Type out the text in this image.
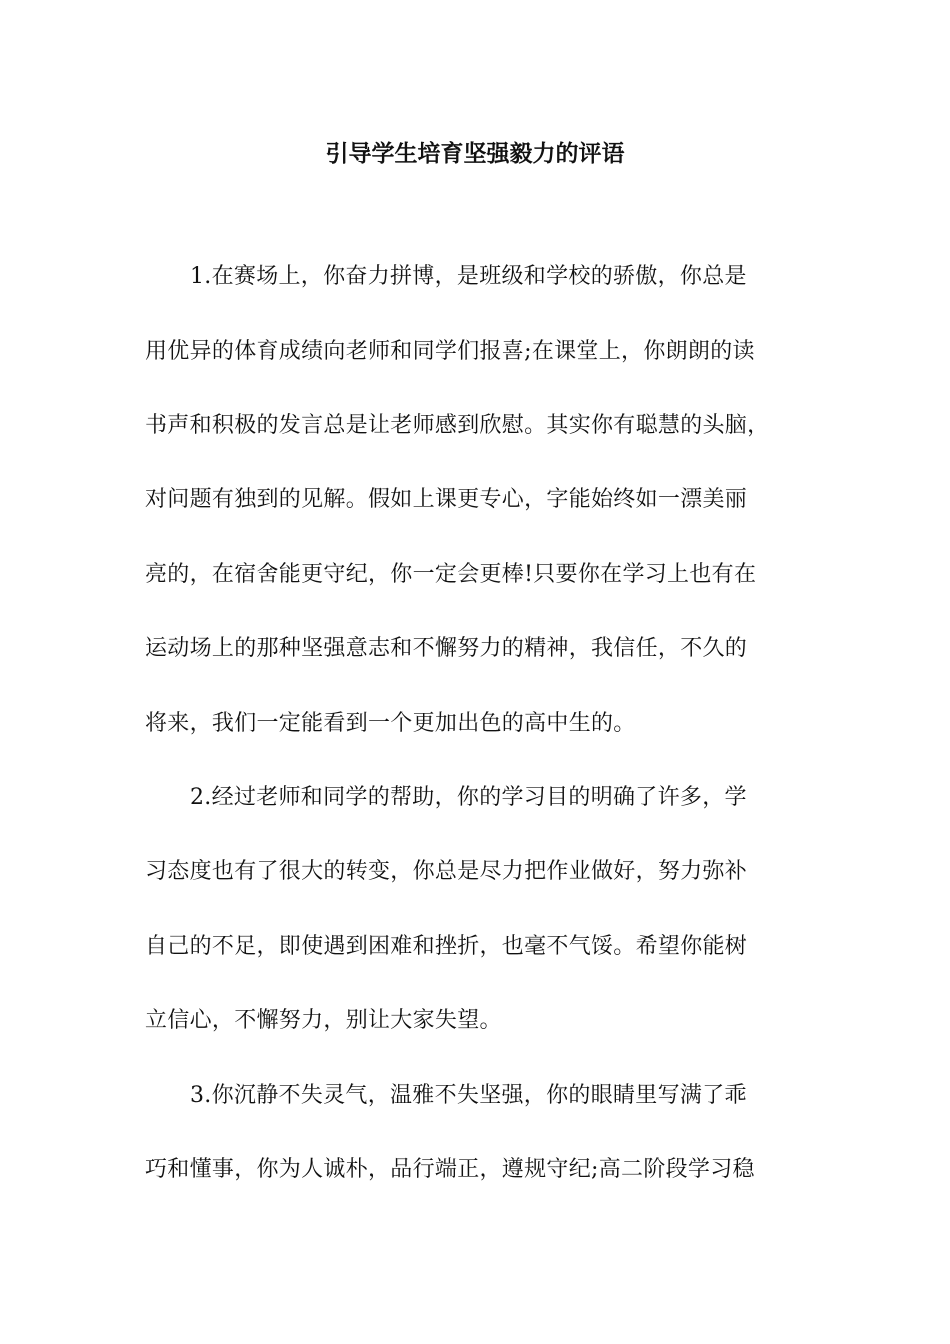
引导学生培育坚强毅力的评语
1.在赛场上，你奋力拼博，是班级和学校的骄傲，你总是
用优异的体育成绩向老师和同学们报喜;在课堂上，你朗朗的读
书声和积极的发言总是让老师感到欣慰。其实你有聪慧的头脑，
对问题有独到的见解。假如上课更专心，字能始终如一漂美丽
亮的，在宿舍能更守纪，你一定会更棒!只要你在学习上也有在
运动场上的那种坚强意志和不懈努力的精神，我信任，不久的
将来，我们一定能看到一个更加出色的高中生的。
2.经过老师和同学的帮助，你的学习目的明确了许多，学
习态度也有了很大的转变，你总是尽力把作业做好，努力弥补
自己的不足，即使遇到困难和挫折，也毫不气馁。希望你能树
立信心，不懈努力，别让大家失望。
3.你沉静不失灵气，温雅不失坚强，你的眼睛里写满了乖
巧和懂事，你为人诚朴，品行端正，遵规守纪;高二阶段学习稳
